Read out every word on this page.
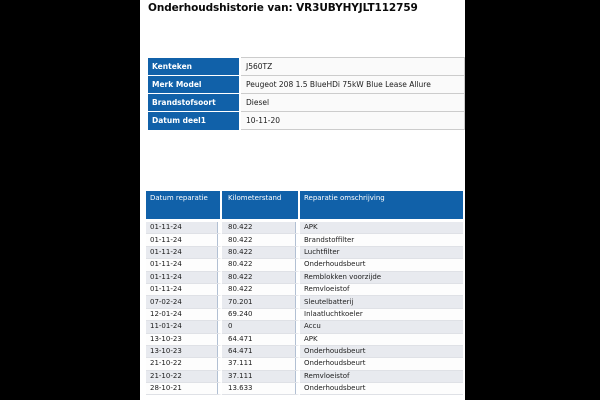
Onderhoudshistorie van: VR3UBYHYJLT112759
Kenteken	J560TZ
Merk Model	Peugeot 208 1.5 BlueHDi 75kW Blue Lease Allure
Brandstofsoort	Diesel
Datum deel1	10-11-20
Datum reparatie	Kilometerstand	Reparatie omschrijving
01-11-24	80.422	APK
01-11-24	80.422	Brandstoffilter
01-11-24	80.422	Luchtfilter
01-11-24	80.422	Onderhoudsbeurt
01-11-24	80.422	Remblokken voorzijde
01-11-24	80.422	Remvloeistof
07-02-24	70.201	Sleutelbatterij
12-01-24	69.240	Inlaatluchtkoeler
11-01-24	0	Accu
13-10-23	64.471	APK
13-10-23	64.471	Onderhoudsbeurt
21-10-22	37.111	Onderhoudsbeurt
21-10-22	37.111	Remvloeistof
28-10-21	13.633	Onderhoudsbeurt
